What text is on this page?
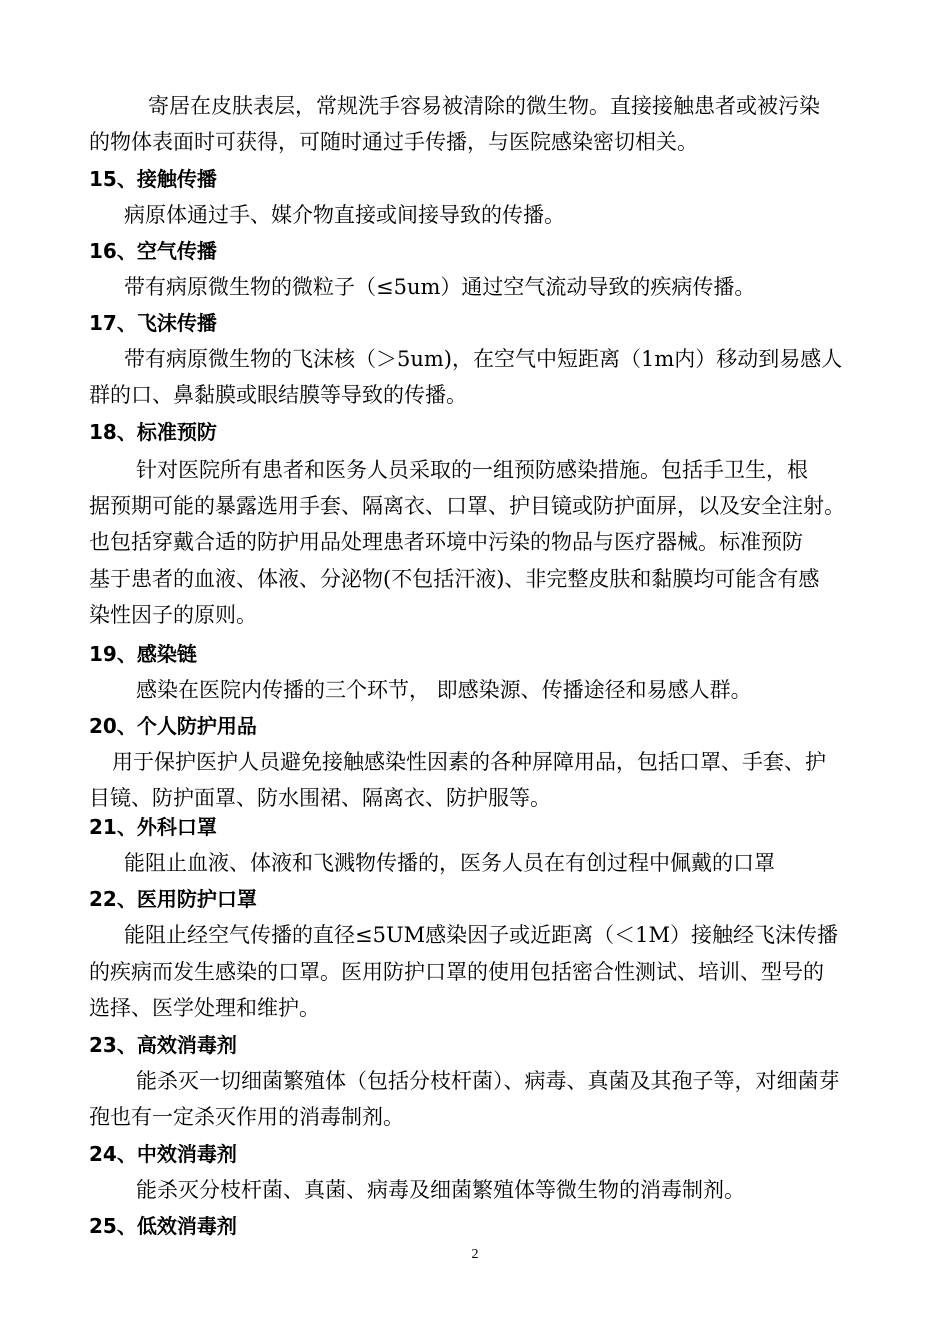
寄居在皮肤表层，常规洗手容易被清除的微生物。直接接触患者或被污染
的物体表面时可获得，可随时通过手传播，与医院感染密切相关。
15、接触传播
病原体通过手、媒介物直接或间接导致的传播。
16、空气传播
带有病原微生物的微粒子（≤5um）通过空气流动导致的疾病传播。
17、飞沫传播
带有病原微生物的飞沫核（＞5um)，在空气中短距离（1m内）移动到易感人
群的口、鼻黏膜或眼结膜等导致的传播。
18、标准预防
针对医院所有患者和医务人员采取的一组预防感染措施。包括手卫生，根
据预期可能的暴露选用手套、隔离衣、口罩、护目镜或防护面屏，以及安全注射。
也包括穿戴合适的防护用品处理患者环境中污染的物品与医疗器械。标准预防
基于患者的血液、体液、分泌物(不包括汗液)、非完整皮肤和黏膜均可能含有感
染性因子的原则。
19、感染链
感染在医院内传播的三个环节， 即感染源、传播途径和易感人群。
20、个人防护用品
用于保护医护人员避免接触感染性因素的各种屏障用品，包括口罩、手套、护
目镜、防护面罩、防水围裙、隔离衣、防护服等。
21、外科口罩
能阻止血液、体液和飞溅物传播的，医务人员在有创过程中佩戴的口罩
22、医用防护口罩
能阻止经空气传播的直径≤5UM感染因子或近距离（＜1M）接触经飞沫传播
的疾病而发生感染的口罩。医用防护口罩的使用包括密合性测试、培训、型号的
选择、医学处理和维护。
23、高效消毒剂
能杀灭一切细菌繁殖体（包括分枝杆菌）、病毒、真菌及其孢子等，对细菌芽
孢也有一定杀灭作用的消毒制剂。
24、中效消毒剂
能杀灭分枝杆菌、真菌、病毒及细菌繁殖体等微生物的消毒制剂。
25、低效消毒剂
2
